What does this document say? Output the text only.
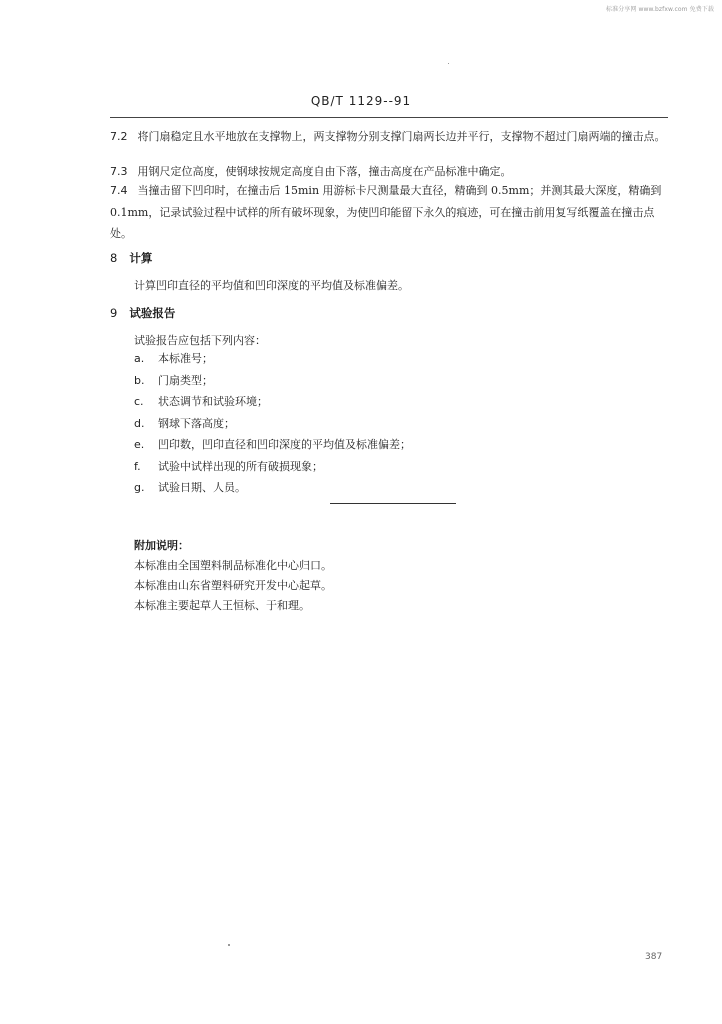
标准分享网 www.bzfxw.com 免费下载
QB/T 1129--91
7.2 将门扇稳定且水平地放在支撑物上，两支撑物分别支撑门扇两长边并平行，支撑物不超过门扇两端的撞击点。
7.3 用钢尺定位高度，使钢球按规定高度自由下落，撞击高度在产品标准中确定。
7.4 当撞击留下凹印时，在撞击后 15min 用游标卡尺测量最大直径，精确到 0.5mm；并测其最大深度，精确到 0.1mm，记录试验过程中试样的所有破坏现象，为使凹印能留下永久的痕迹，可在撞击前用复写纸覆盖在撞击点处。
8 计算
计算凹印直径的平均值和凹印深度的平均值及标准偏差。
9 试验报告
试验报告应包括下列内容：
a. 本标准号；
b. 门扇类型；
c. 状态调节和试验环境；
d. 钢球下落高度；
e. 凹印数，凹印直径和凹印深度的平均值及标准偏差；
f. 试验中试样出现的所有破损现象；
g. 试验日期、人员。
附加说明：
本标准由全国塑料制品标准化中心归口。
本标准由山东省塑料研究开发中心起草。
本标准主要起草人王恒标、于和理。
387
